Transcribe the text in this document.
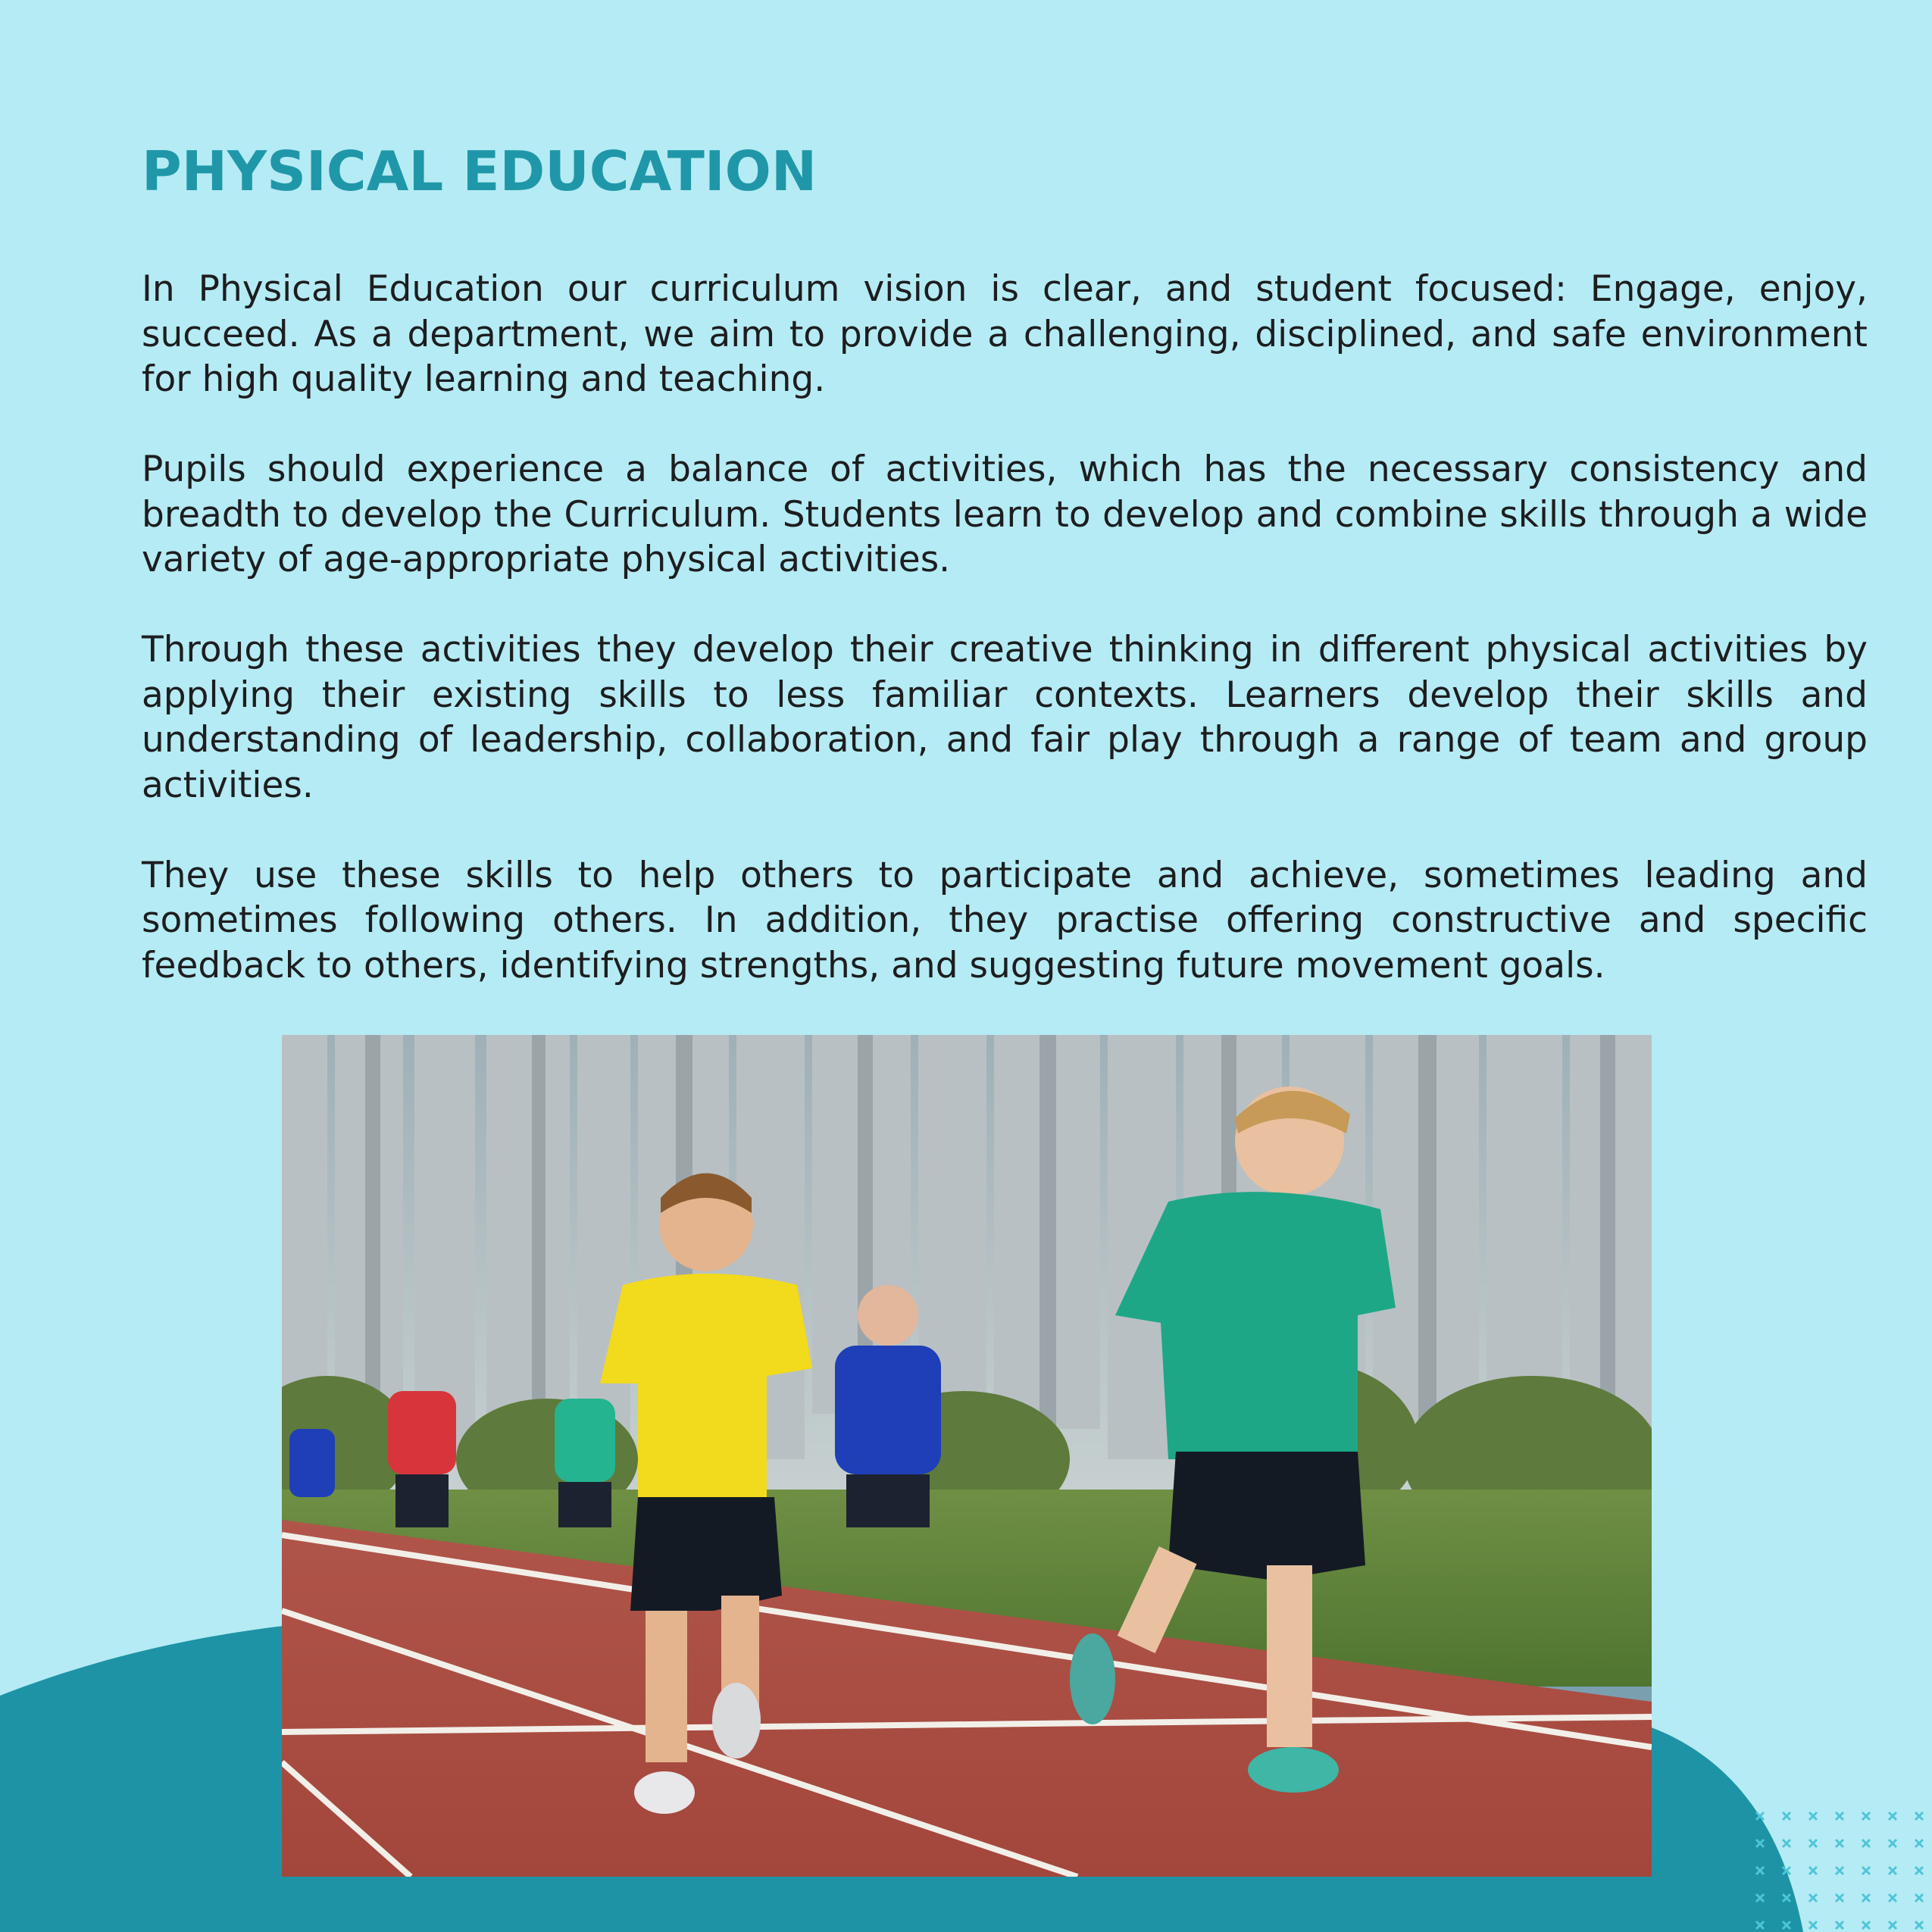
PHYSICAL EDUCATION

In Physical Education our curriculum vision is clear, and student focused: Engage, enjoy, succeed. As a department, we aim to provide a challenging, disciplined, and safe environment for high quality learning and teaching.

Pupils should experience a balance of activities, which has the necessary consistency and breadth to develop the Curriculum. Students learn to develop and combine skills through a wide variety of age-appropriate physical activities.

Through these activities they develop their creative thinking in different physical activities by applying their existing skills to less familiar contexts. Learners develop their skills and understanding of leadership, collaboration, and fair play through a range of team and group activities.

They use these skills to help others to participate and achieve, sometimes leading and sometimes following others. In addition, they practise offering constructive and specific feedback to others, identifying strengths, and suggesting future movement goals.
